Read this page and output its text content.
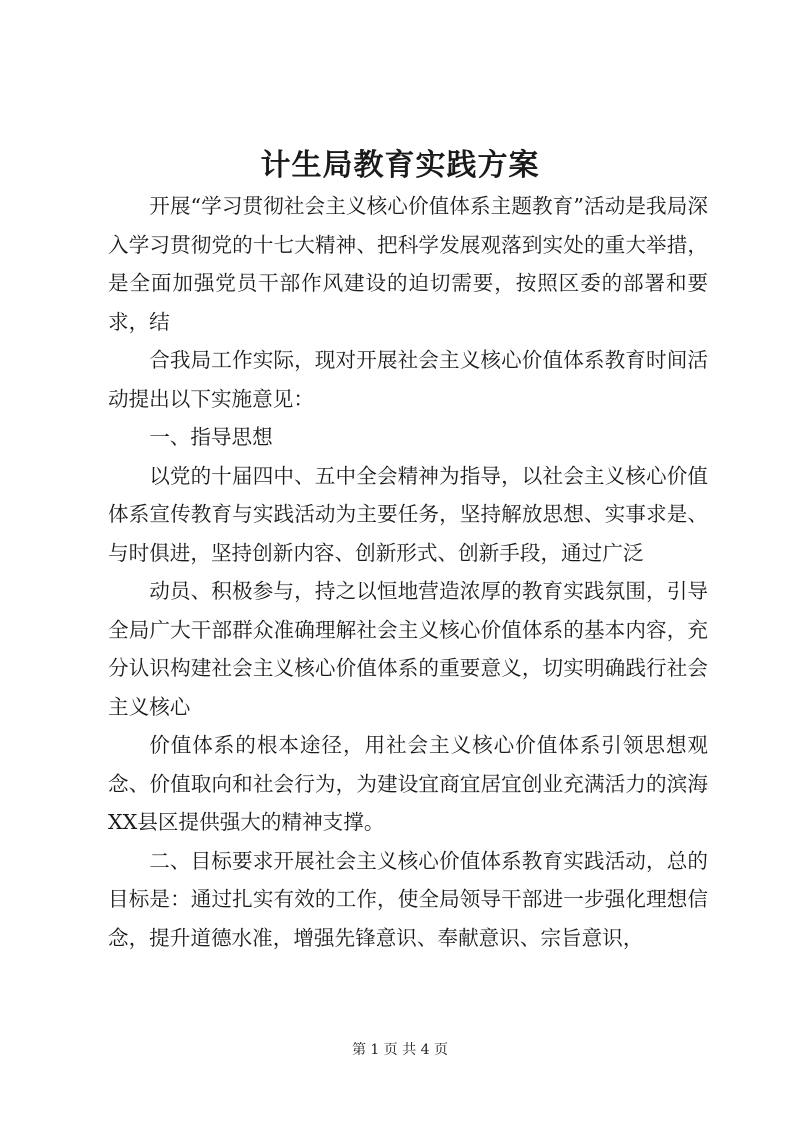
计生局教育实践方案

开展“学习贯彻社会主义核心价值体系主题教育”活动是我局深入学习贯彻党的十七大精神、把科学发展观落到实处的重大举措，是全面加强党员干部作风建设的迫切需要，按照区委的部署和要求，结

合我局工作实际，现对开展社会主义核心价值体系教育时间活动提出以下实施意见：

一、指导思想

以党的十届四中、五中全会精神为指导，以社会主义核心价值体系宣传教育与实践活动为主要任务，坚持解放思想、实事求是、与时俱进，坚持创新内容、创新形式、创新手段，通过广泛

动员、积极参与，持之以恒地营造浓厚的教育实践氛围，引导全局广大干部群众准确理解社会主义核心价值体系的基本内容，充分认识构建社会主义核心价值体系的重要意义，切实明确践行社会主义核心

价值体系的根本途径，用社会主义核心价值体系引领思想观念、价值取向和社会行为，为建设宜商宜居宜创业充满活力的滨海XX县区提供强大的精神支撑。

二、目标要求开展社会主义核心价值体系教育实践活动，总的目标是：通过扎实有效的工作，使全局领导干部进一步强化理想信念，提升道德水准，增强先锋意识、奉献意识、宗旨意识，

第 1 页 共 4 页
